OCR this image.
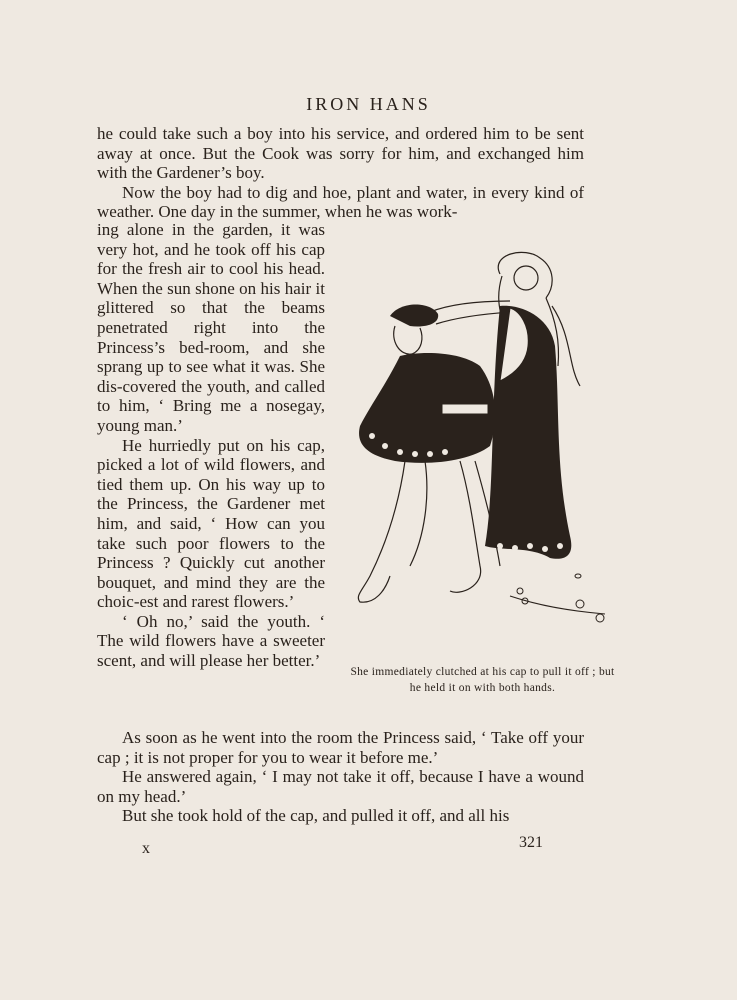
IRON HANS

he could take such a boy into his service, and ordered him to be sent away at once. But the Cook was sorry for him, and exchanged him with the Gardener’s boy.

Now the boy had to dig and hoe, plant and water, in every kind of weather. One day in the summer, when he was work-

ing alone in the garden, it was very hot, and he took off his cap for the fresh air to cool his head. When the sun shone on his hair it glittered so that the beams penetrated right into the Princess’s bed-room, and she sprang up to see what it was. She dis-covered the youth, and called to him, ‘ Bring me a nosegay, young man.’

He hurriedly put on his cap, picked a lot of wild flowers, and tied them up. On his way up to the Princess, the Gardener met him, and said, ‘ How can you take such poor flowers to the Princess ? Quickly cut another bouquet, and mind they are the choic-est and rarest flowers.’

‘ Oh no,’ said the youth. ‘ The wild flowers have a sweeter scent, and will please her better.’

She immediately clutched at his cap to pull it off ; but he held it on with both hands.

As soon as he went into the room the Princess said, ‘ Take off your cap ; it is not proper for you to wear it before me.’

He answered again, ‘ I may not take it off, because I have a wound on my head.’

But she took hold of the cap, and pulled it off, and all his

x	321
